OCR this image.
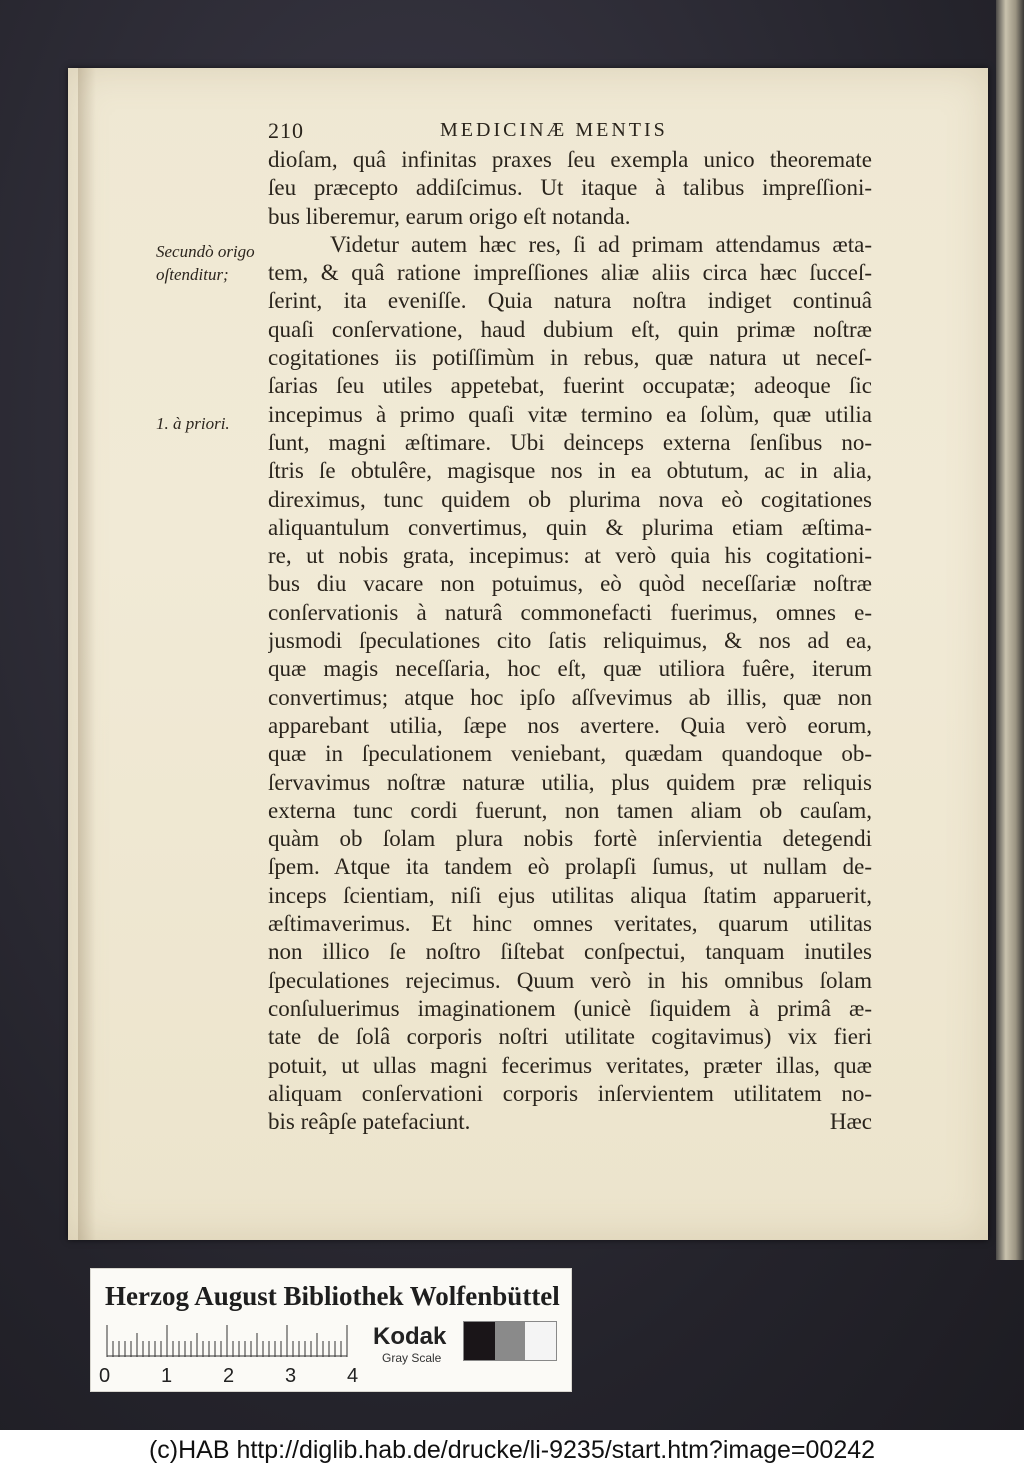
210	MEDICINÆ MENTIS
Secundò origo
oſtenditur;
1. à priori.
dioſam, quâ infinitas praxes ſeu exempla unico theoremate
ſeu præcepto addiſcimus. Ut itaque à talibus impreſſioni-
bus liberemur, earum origo eſt notanda.
Videtur autem hæc res, ſi ad primam attendamus æta-
tem, & quâ ratione impreſſiones aliæ aliis circa hæc ſucceſ-
ſerint, ita eveniſſe. Quia natura noſtra indiget continuâ
quaſi conſervatione, haud dubium eſt, quin primæ noſtræ
cogitationes iis potiſſimùm in rebus, quæ natura ut neceſ-
ſarias ſeu utiles appetebat, fuerint occupatæ; adeoque ſic
incepimus à primo quaſi vitæ termino ea ſolùm, quæ utilia
ſunt, magni æſtimare. Ubi deinceps externa ſenſibus no-
ſtris ſe obtulêre, magisque nos in ea obtutum, ac in alia,
direximus, tunc quidem ob plurima nova eò cogitationes
aliquantulum convertimus, quin & plurima etiam æſtima-
re, ut nobis grata, incepimus: at verò quia his cogitationi-
bus diu vacare non potuimus, eò quòd neceſſariæ noſtræ
conſervationis à naturâ commonefacti fuerimus, omnes e-
jusmodi ſpeculationes cito ſatis reliquimus, & nos ad ea,
quæ magis neceſſaria, hoc eſt, quæ utiliora fuêre, iterum
convertimus; atque hoc ipſo aſſvevimus ab illis, quæ non
apparebant utilia, ſæpe nos avertere. Quia verò eorum,
quæ in ſpeculationem veniebant, quædam quandoque ob-
ſervavimus noſtræ naturæ utilia, plus quidem præ reliquis
externa tunc cordi fuerunt, non tamen aliam ob cauſam,
quàm ob ſolam plura nobis fortè inſervientia detegendi
ſpem. Atque ita tandem eò prolapſi ſumus, ut nullam de-
inceps ſcientiam, niſi ejus utilitas aliqua ſtatim apparuerit,
æſtimaverimus. Et hinc omnes veritates, quarum utilitas
non illico ſe noſtro ſiſtebat conſpectui, tanquam inutiles
ſpeculationes rejecimus. Quum verò in his omnibus ſolam
conſuluerimus imaginationem (unicè ſiquidem à primâ æ-
tate de ſolâ corporis noſtri utilitate cogitavimus) vix fieri
potuit, ut ullas magni fecerimus veritates, præter illas, quæ
aliquam conſervationi corporis inſervientem utilitatem no-
bis reâpſe patefaciunt.	Hæc
Herzog August Bibliothek Wolfenbüttel
0	1	2	3	4
Kodak
Gray Scale
(c)HAB http://diglib.hab.de/drucke/li-9235/start.htm?image=00242
